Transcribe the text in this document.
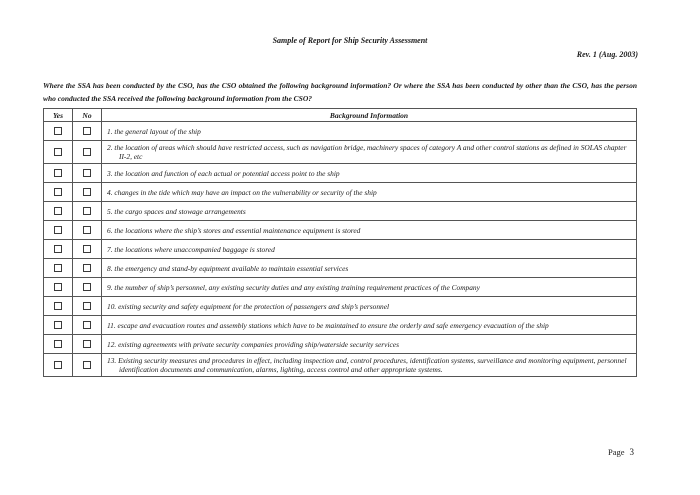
Sample of Report for Ship Security Assessment
Rev. 1 (Aug. 2003)
Where the SSA has been conducted by the CSO, has the CSO obtained the following background information? Or where the SSA has been conducted by other than the CSO, has the person who conducted the SSA received the following background information from the CSO?
Yes	No	Background Information

		1. the general layout of the ship

		2. the location of areas which should have restricted access, such as navigation bridge, machinery spaces of category A and other control stations as defined in SOLAS chapter II-2, etc

		3. the location and function of each actual or potential access point to the ship

		4. changes in the tide which may have an impact on the vulnerability or security of the ship

		5. the cargo spaces and stowage arrangements

		6. the locations where the ship’s stores and essential maintenance equipment is stored

		7. the locations where unaccompanied baggage is stored

		8. the emergency and stand-by equipment available to maintain essential services

		9. the number of ship’s personnel, any existing security duties and any existing training requirement practices of the Company

		10. existing security and safety equipment for the protection of passengers and ship’s personnel

		11. escape and evacuation routes and assembly stations which have to be maintained to ensure the orderly and safe emergency evacuation of the ship

		12. existing agreements with private security companies providing ship/waterside security services

		13. Existing security measures and procedures in effect, including inspection and, control procedures, identification systems, surveillance and monitoring equipment, personnel identification documents and communication, alarms, lighting, access control and other appropriate systems.
Page 3
